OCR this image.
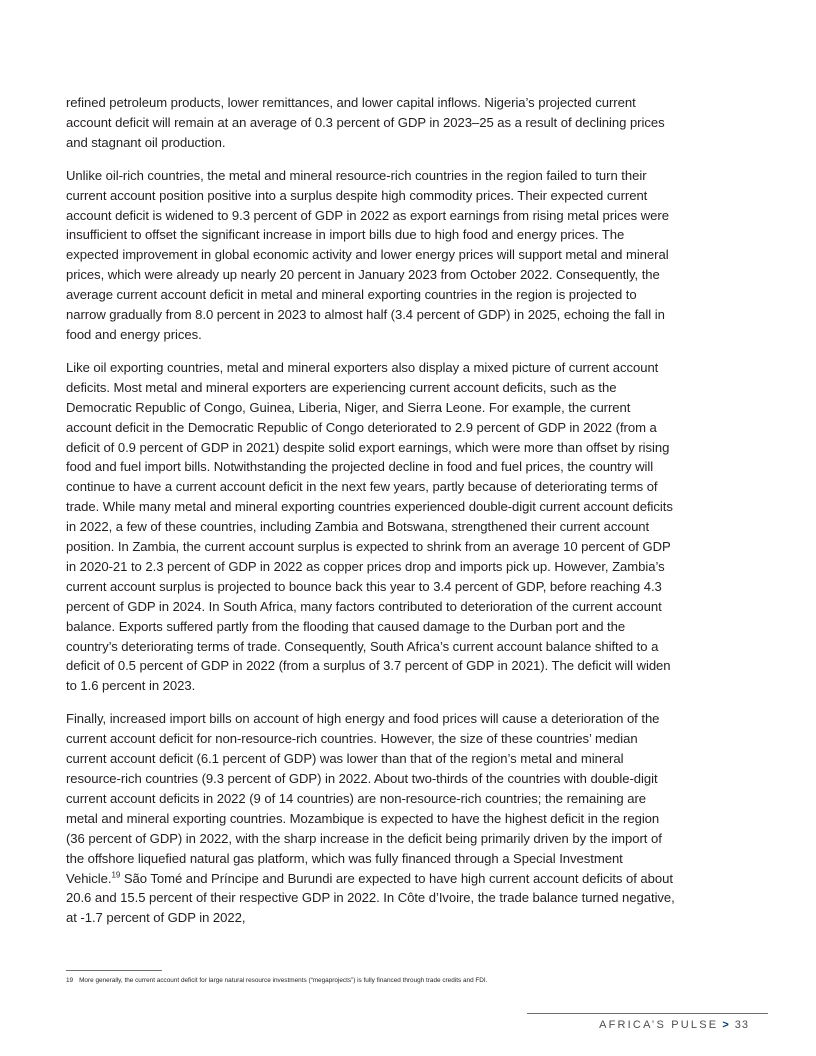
refined petroleum products, lower remittances, and lower capital inflows. Nigeria’s projected current account deficit will remain at an average of 0.3 percent of GDP in 2023–25 as a result of declining prices and stagnant oil production.

Unlike oil-rich countries, the metal and mineral resource-rich countries in the region failed to turn their current account position positive into a surplus despite high commodity prices. Their expected current account deficit is widened to 9.3 percent of GDP in 2022 as export earnings from rising metal prices were insufficient to offset the significant increase in import bills due to high food and energy prices. The expected improvement in global economic activity and lower energy prices will support metal and mineral prices, which were already up nearly 20 percent in January 2023 from October 2022. Consequently, the average current account deficit in metal and mineral exporting countries in the region is projected to narrow gradually from 8.0 percent in 2023 to almost half (3.4 percent of GDP) in 2025, echoing the fall in food and energy prices.

Like oil exporting countries, metal and mineral exporters also display a mixed picture of current account deficits. Most metal and mineral exporters are experiencing current account deficits, such as the Democratic Republic of Congo, Guinea, Liberia, Niger, and Sierra Leone. For example, the current account deficit in the Democratic Republic of Congo deteriorated to 2.9 percent of GDP in 2022 (from a deficit of 0.9 percent of GDP in 2021) despite solid export earnings, which were more than offset by rising food and fuel import bills. Notwithstanding the projected decline in food and fuel prices, the country will continue to have a current account deficit in the next few years, partly because of deteriorating terms of trade. While many metal and mineral exporting countries experienced double-digit current account deficits in 2022, a few of these countries, including Zambia and Botswana, strengthened their current account position. In Zambia, the current account surplus is expected to shrink from an average 10 percent of GDP in 2020-21 to 2.3 percent of GDP in 2022 as copper prices drop and imports pick up. However, Zambia’s current account surplus is projected to bounce back this year to 3.4 percent of GDP, before reaching 4.3 percent of GDP in 2024. In South Africa, many factors contributed to deterioration of the current account balance. Exports suffered partly from the flooding that caused damage to the Durban port and the country’s deteriorating terms of trade. Consequently, South Africa’s current account balance shifted to a deficit of 0.5 percent of GDP in 2022 (from a surplus of 3.7 percent of GDP in 2021). The deficit will widen to 1.6 percent in 2023.

Finally, increased import bills on account of high energy and food prices will cause a deterioration of the current account deficit for non-resource-rich countries. However, the size of these countries’ median current account deficit (6.1 percent of GDP) was lower than that of the region’s metal and mineral resource-rich countries (9.3 percent of GDP) in 2022. About two-thirds of the countries with double-digit current account deficits in 2022 (9 of 14 countries) are non-resource-rich countries; the remaining are metal and mineral exporting countries. Mozambique is expected to have the highest deficit in the region (36 percent of GDP) in 2022, with the sharp increase in the deficit being primarily driven by the import of the offshore liquefied natural gas platform, which was fully financed through a Special Investment Vehicle.$^{19}$ São Tomé and Príncipe and Burundi are expected to have high current account deficits of about 20.6 and 15.5 percent of their respective GDP in 2022. In Côte d’Ivoire, the trade balance turned negative, at -1.7 percent of GDP in 2022,

19 More generally, the current account deficit for large natural resource investments (“megaprojects”) is fully financed through trade credits and FDI.
AFRICA’S PULSE > 33
